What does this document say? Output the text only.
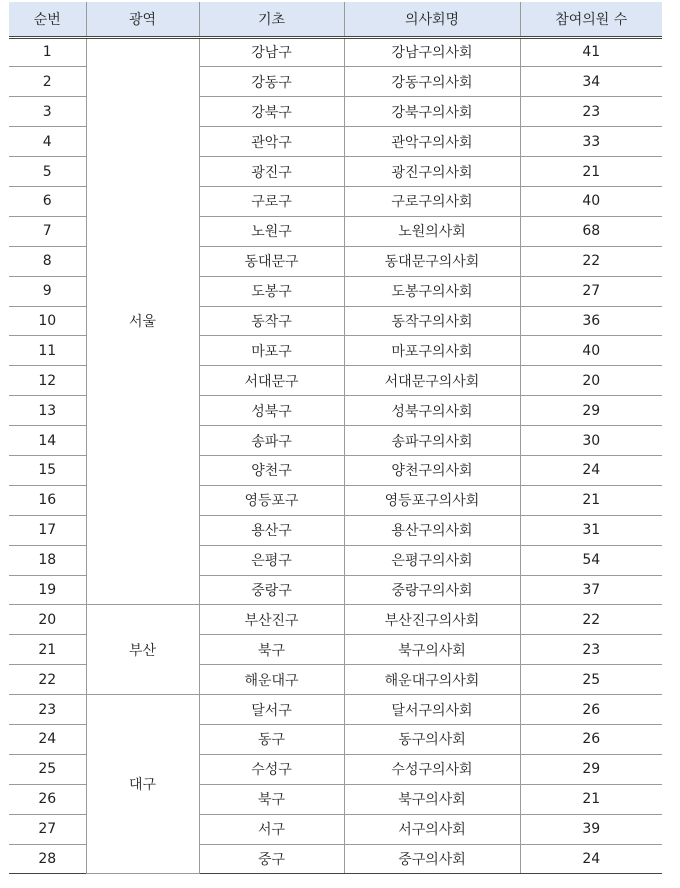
순번	광역	기초	의사회명	참여의원 수
1	서울	강남구	강남구의사회	41
2		강동구	강동구의사회	34
3		강북구	강북구의사회	23
4		관악구	관악구의사회	33
5		광진구	광진구의사회	21
6		구로구	구로구의사회	40
7		노원구	노원의사회	68
8		동대문구	동대문구의사회	22
9		도봉구	도봉구의사회	27
10		동작구	동작구의사회	36
11		마포구	마포구의사회	40
12		서대문구	서대문구의사회	20
13		성북구	성북구의사회	29
14		송파구	송파구의사회	30
15		양천구	양천구의사회	24
16		영등포구	영등포구의사회	21
17		용산구	용산구의사회	31
18		은평구	은평구의사회	54
19		중랑구	중랑구의사회	37
20	부산	부산진구	부산진구의사회	22
21		북구	북구의사회	23
22		해운대구	해운대구의사회	25
23	대구	달서구	달서구의사회	26
24		동구	동구의사회	26
25		수성구	수성구의사회	29
26		북구	북구의사회	21
27		서구	서구의사회	39
28		중구	중구의사회	24
